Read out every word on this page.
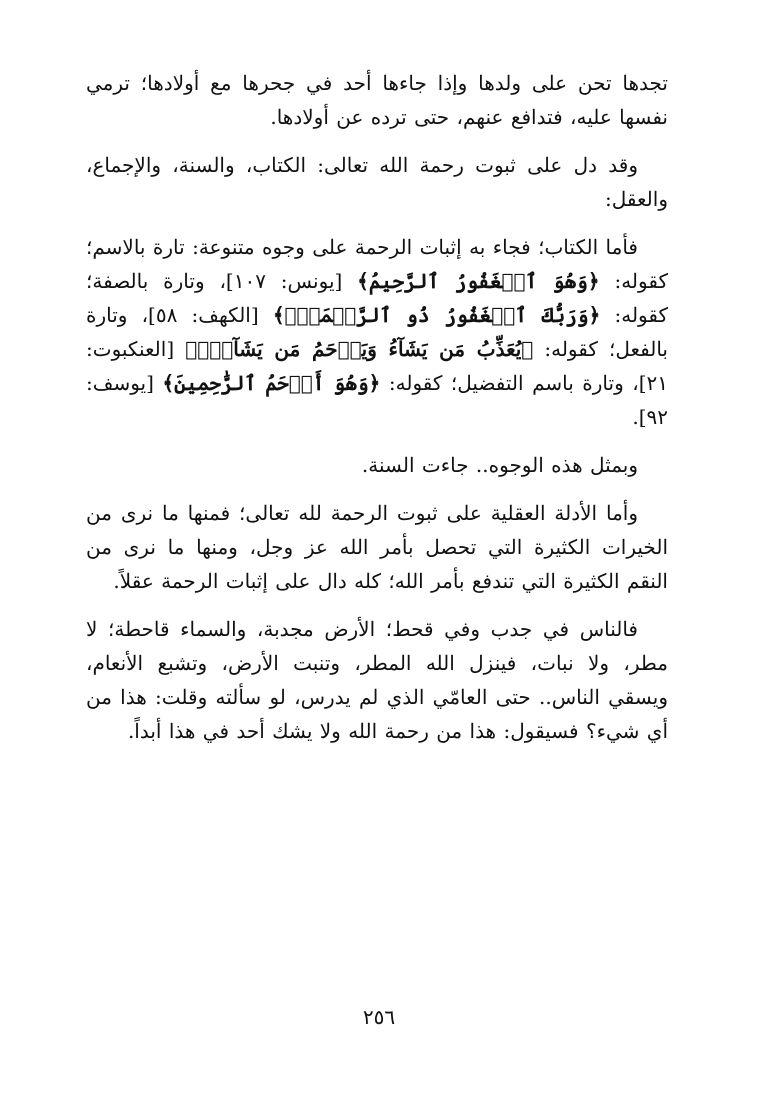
تجدها تحن على ولدها وإذا جاءها أحد في جحرها مع أولادها؛ ترمي نفسها عليه، فتدافع عنهم، حتى ترده عن أولادها.

وقد دل على ثبوت رحمة الله تعالى: الكتاب، والسنة، والإجماع، والعقل:

فأما الكتاب؛ فجاء به إثبات الرحمة على وجوه متنوعة: تارة بالاسم؛ كقوله: ﴿وَهُوَ ٱلۡغَفُورُ ٱلرَّحِيمُ﴾ [يونس: ١٠٧]، وتارة بالصفة؛ كقوله: ﴿وَرَبُّكَ ٱلۡغَفُورُ ذُو ٱلرَّحۡمَةِۖ﴾ [الكهف: ٥٨]، وتارة بالفعل؛ كقوله: ﴿يُعَذِّبُ مَن يَشَآءُ وَيَرۡحَمُ مَن يَشَآءُۖ﴾ [العنكبوت: ٢١]، وتارة باسم التفضيل؛ كقوله: ﴿وَهُوَ أَرۡحَمُ ٱلرَّٰحِمِينَ﴾ [يوسف: ٩٢].

وبمثل هذه الوجوه.. جاءت السنة.

وأما الأدلة العقلية على ثبوت الرحمة لله تعالى؛ فمنها ما نرى من الخيرات الكثيرة التي تحصل بأمر الله عز وجل، ومنها ما نرى من النقم الكثيرة التي تندفع بأمر الله؛ كله دال على إثبات الرحمة عقلاً.

فالناس في جدب وفي قحط؛ الأرض مجدبة، والسماء قاحطة؛ لا مطر، ولا نبات، فينزل الله المطر، وتنبت الأرض، وتشبع الأنعام، ويسقي الناس.. حتى العامّي الذي لم يدرس، لو سألته وقلت: هذا من أي شيء؟ فسيقول: هذا من رحمة الله ولا يشك أحد في هذا أبداً.

٢٥٦
